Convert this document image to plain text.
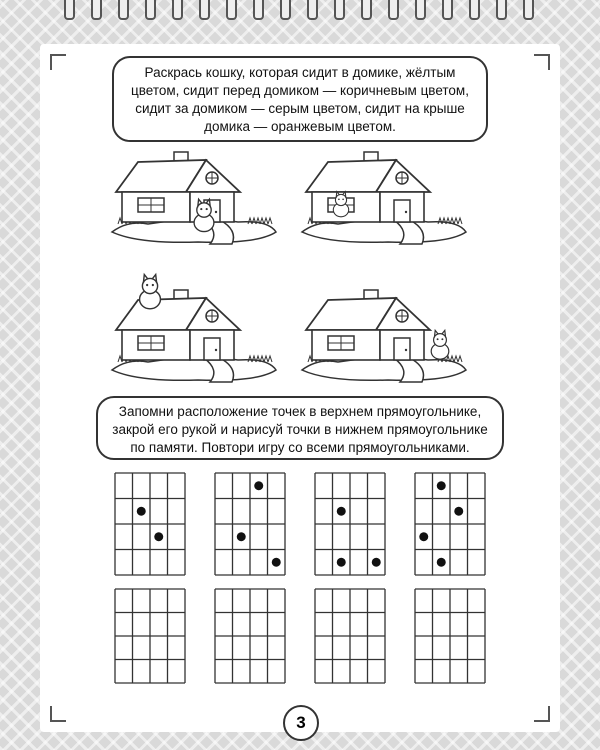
Раскрась кошку, которая сидит в домике, жёлтым
цветом, сидит перед домиком — коричневым цветом,
сидит за домиком — серым цветом, сидит на крыше
домика — оранжевым цветом.
Запомни расположение точек в верхнем прямоугольнике,
закрой его рукой и нарисуй точки в нижнем прямоугольнике
по памяти. Повтори игру со всеми прямоугольниками.
3
